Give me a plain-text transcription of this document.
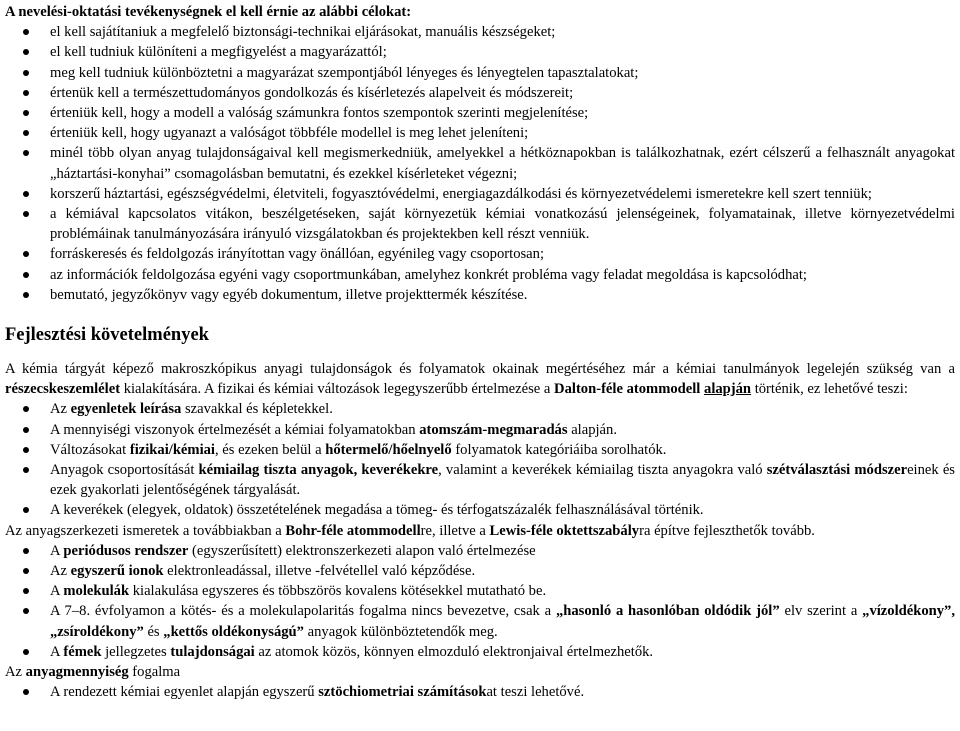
A nevelési-oktatási tevékenységnek el kell érnie az alábbi célokat:
el kell sajátítaniuk a megfelelő biztonsági-technikai eljárásokat, manuális készségeket;
el kell tudniuk különíteni a megfigyelést a magyarázattól;
meg kell tudniuk különböztetni a magyarázat szempontjából lényeges és lényegtelen tapasztalatokat;
értenük kell a természettudományos gondolkozás és kísérletezés alapelveit és módszereit;
érteniük kell, hogy a modell a valóság számunkra fontos szempontok szerinti megjelenítése;
érteniük kell, hogy ugyanazt a valóságot többféle modellel is meg lehet jeleníteni;
minél több olyan anyag tulajdonságaival kell megismerkedniük, amelyekkel a hétköznapokban is találkozhatnak, ezért célszerű a felhasznált anyagokat „háztartási-konyhai” csomagolásban bemutatni, és ezekkel kísérleteket végezni;
korszerű háztartási, egészségvédelmi, életviteli, fogyasztóvédelmi, energiagazdálkodási és környezetvédelemi ismeretekre kell szert tenniük;
a kémiával kapcsolatos vitákon, beszélgetéseken, saját környezetük kémiai vonatkozású jelenségeinek, folyamatainak, illetve környezetvédelmi problémáinak tanulmányozására irányuló vizsgálatokban és projektekben kell részt venniük.
forráskeresés és feldolgozás irányítottan vagy önállóan, egyénileg vagy csoportosan;
az információk feldolgozása egyéni vagy csoportmunkában, amelyhez konkrét probléma vagy feladat megoldása is kapcsolódhat;
bemutató, jegyzőkönyv vagy egyéb dokumentum, illetve projekttermék készítése.
Fejlesztési követelmények

A kémia tárgyát képező makroszkópikus anyagi tulajdonságok és folyamatok okainak megértéséhez már a kémiai tanulmányok legelején szükség van a részecskeszemlélet kialakítására. A fizikai és kémiai változások legegyszerűbb értelmezése a Dalton-féle atommodell alapján történik, ez lehetővé teszi:

Az egyenletek leírása szavakkal és képletekkel.
A mennyiségi viszonyok értelmezését a kémiai folyamatokban atomszám-megmaradás alapján.
Változásokat fizikai/kémiai, és ezeken belül a hőtermelő/hőelnyelő folyamatok kategóriáiba sorolhatók.
Anyagok csoportosítását kémiailag tiszta anyagok, keverékekre, valamint a keverékek kémiailag tiszta anyagokra való szétválasztási módszereinek és ezek gyakorlati jelentőségének tárgyalását.
A keverékek (elegyek, oldatok) összetételének megadása a tömeg- és térfogatszázalék felhasználásával történik.

Az anyagszerkezeti ismeretek a továbbiakban a Bohr-féle atommodellre, illetve a Lewis-féle oktettszabályra építve fejleszthetők tovább.

A periódusos rendszer (egyszerűsített) elektronszerkezeti alapon való értelmezése
Az egyszerű ionok elektronleadással, illetve -felvétellel való képződése.
A molekulák kialakulása egyszeres és többszörös kovalens kötésekkel mutatható be.
A 7–8. évfolyamon a kötés- és a molekulapolaritás fogalma nincs bevezetve, csak a „hasonló a hasonlóban oldódik jól” elv szerint a „vízoldékony”, „zsíroldékony” és „kettős oldékonyságú” anyagok különböztetendők meg.
A fémek jellegzetes tulajdonságai az atomok közös, könnyen elmozduló elektronjaival értelmezhetők.

Az anyagmennyiség fogalma

A rendezett kémiai egyenlet alapján egyszerű sztöchiometriai számításokat teszi lehetővé.
